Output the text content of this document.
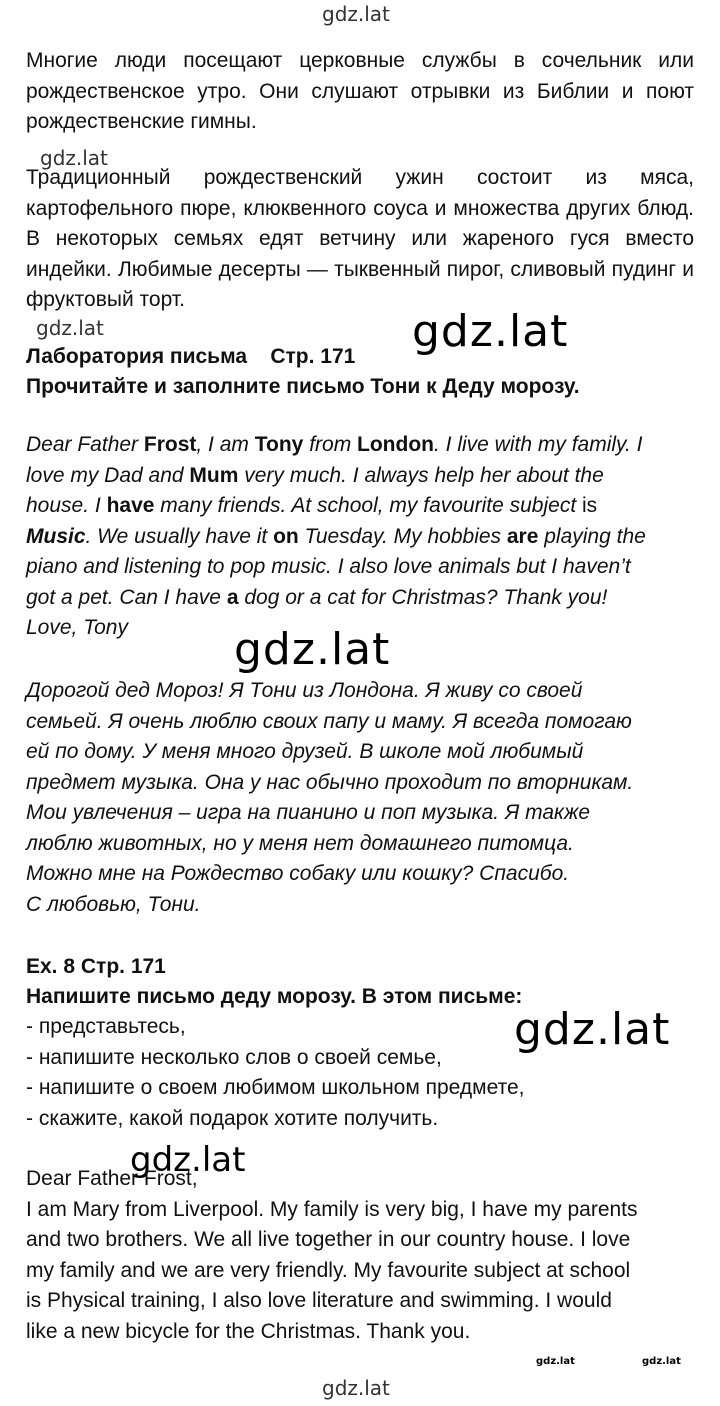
gdz.lat
gdz.lat
gdz.lat	gdz.lat
gdz.lat
gdz.lat
gdz.lat
gdz.lat	gdz.lat
gdz.lat

Многие люди посещают церковные службы в сочельник или рождественское утро. Они слушают отрывки из Библии и поют рождественские гимны.

Традиционный рождественский ужин состоит из мяса, картофельного пюре, клюквенного соуса и множества других блюд. В некоторых семьях едят ветчину или жареного гуся вместо индейки. Любимые десерты — тыквенный пирог, сливовый пудинг и фруктовый торт.

Лаборатория письма    Стр. 171
Прочитайте и заполните письмо Тони к Деду морозу.
Dear Father Frost, I am Tony from London. I live with my family. I
love my Dad and Mum very much. I always help her about the
house. I have many friends. At school, my favourite subject is
Music. We usually have it on Tuesday. My hobbies are playing the
piano and listening to pop music. I also love animals but I haven’t
got a pet. Can I have a dog or a cat for Christmas? Thank you!
Love, Tony
Дорогой дед Мороз! Я Тони из Лондона. Я живу со своей
семьей. Я очень люблю своих папу и маму. Я всегда помогаю
ей по дому. У меня много друзей. В школе мой любимый
предмет музыка. Она у нас обычно проходит по вторникам.
Мои увлечения – игра на пианино и поп музыка. Я также
люблю животных, но у меня нет домашнего питомца.
Можно мне на Рождество собаку или кошку? Спасибо.
С любовью, Тони.
Ex. 8 Стр. 171
Напишите письмо деду морозу. В этом письме:
- представьтесь,
- напишите несколько слов о своей семье,
- напишите о своем любимом школьном предмете,
- скажите, какой подарок хотите получить.
Dear Father Frost,
I am Mary from Liverpool. My family is very big, I have my parents
and two brothers. We all live together in our country house. I love
my family and we are very friendly. My favourite subject at school
is Physical training, I also love literature and swimming. I would
like a new bicycle for the Christmas. Thank you.
